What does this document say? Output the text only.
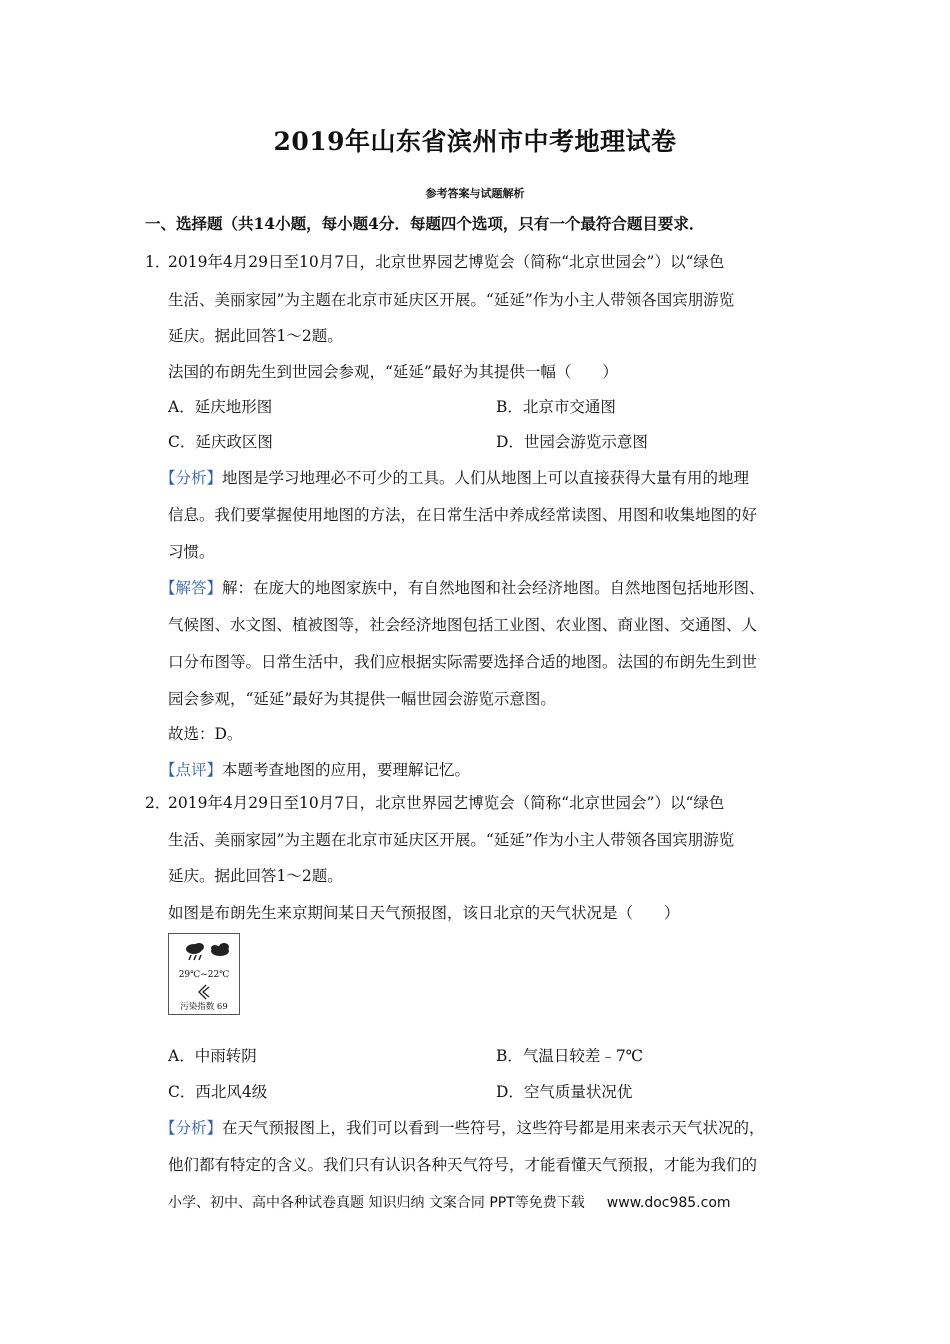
2019年山东省滨州市中考地理试卷
参考答案与试题解析
一、选择题（共14小题，每小题4分．每题四个选项，只有一个最符合题目要求．
1．
2019年4月29日至10月7日，北京世界园艺博览会（简称“北京世园会”）以“绿色
生活、美丽家园”为主题在北京市延庆区开展。“延延”作为小主人带领各国宾朋游览
延庆。据此回答1～2题。
法国的布朗先生到世园会参观，“延延”最好为其提供一幅（　　）
A．延庆地形图	B．北京市交通图
C．延庆政区图	D．世园会游览示意图
【分析】地图是学习地理必不可少的工具。人们从地图上可以直接获得大量有用的地理
信息。我们要掌握使用地图的方法，在日常生活中养成经常读图、用图和收集地图的好
习惯。
【解答】解：在庞大的地图家族中，有自然地图和社会经济地图。自然地图包括地形图、
气候图、水文图、植被图等，社会经济地图包括工业图、农业图、商业图、交通图、人
口分布图等。日常生活中，我们应根据实际需要选择合适的地图。法国的布朗先生到世
园会参观，“延延”最好为其提供一幅世园会游览示意图。
故选：D。
【点评】本题考查地图的应用，要理解记忆。
2．
2019年4月29日至10月7日，北京世界园艺博览会（简称“北京世园会”）以“绿色
生活、美丽家园”为主题在北京市延庆区开展。“延延”作为小主人带领各国宾朋游览
延庆。据此回答1～2题。
如图是布朗先生来京期间某日天气预报图，该日北京的天气状况是（　　）
29℃~22℃
污染指数 69
A．中雨转阴	B．气温日较差﹣7℃
C．西北风4级	D．空气质量状况优
【分析】在天气预报图上，我们可以看到一些符号，这些符号都是用来表示天气状况的，
他们都有特定的含义。我们只有认识各种天气符号，才能看懂天气预报，才能为我们的
小学、初中、高中各种试卷真题 知识归纳 文案合同 PPT等免费下载 www.doc985.com
